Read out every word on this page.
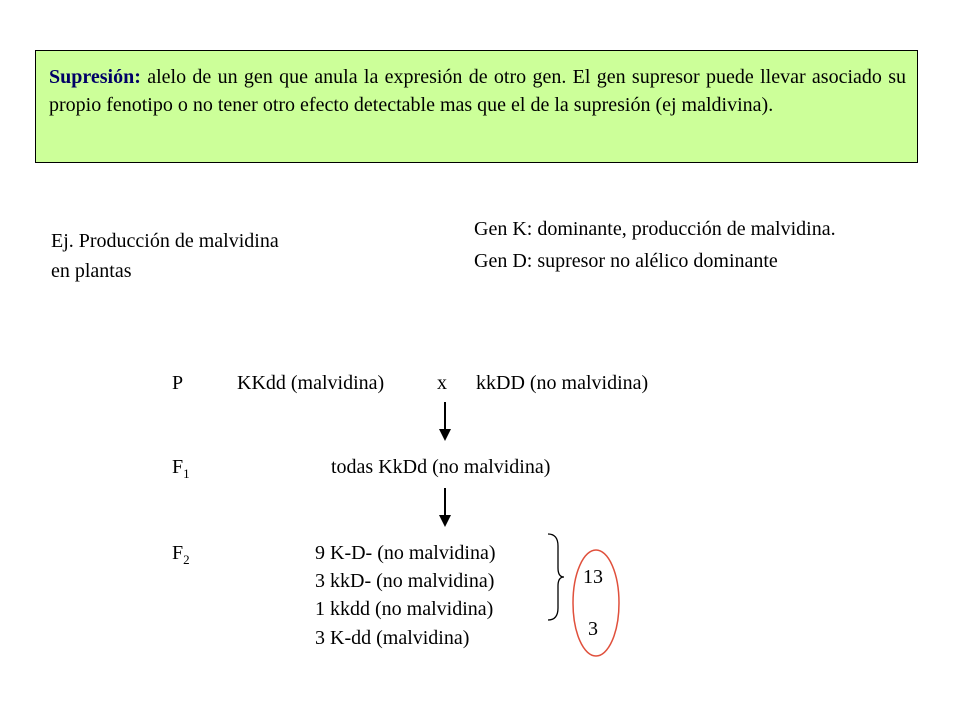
Supresión: alelo de un gen que anula la expresión de otro gen. El gen supresor puede llevar asociado su propio fenotipo o no tener otro efecto detectable mas que el de la supresión (ej maldivina).
Ej. Producción de malvidina
en plantas
Gen K: dominante, producción de malvidina.
Gen D: supresor no alélico dominante
P	KKdd (malvidina)	x kkDD (no malvidina)
$F_1$	todas KkDd (no malvidina)
$F_2$	9 K-D- (no malvidina)
3 kkD- (no malvidina)
1 kkdd (no malvidina)
3 K-dd (malvidina)
13
3
